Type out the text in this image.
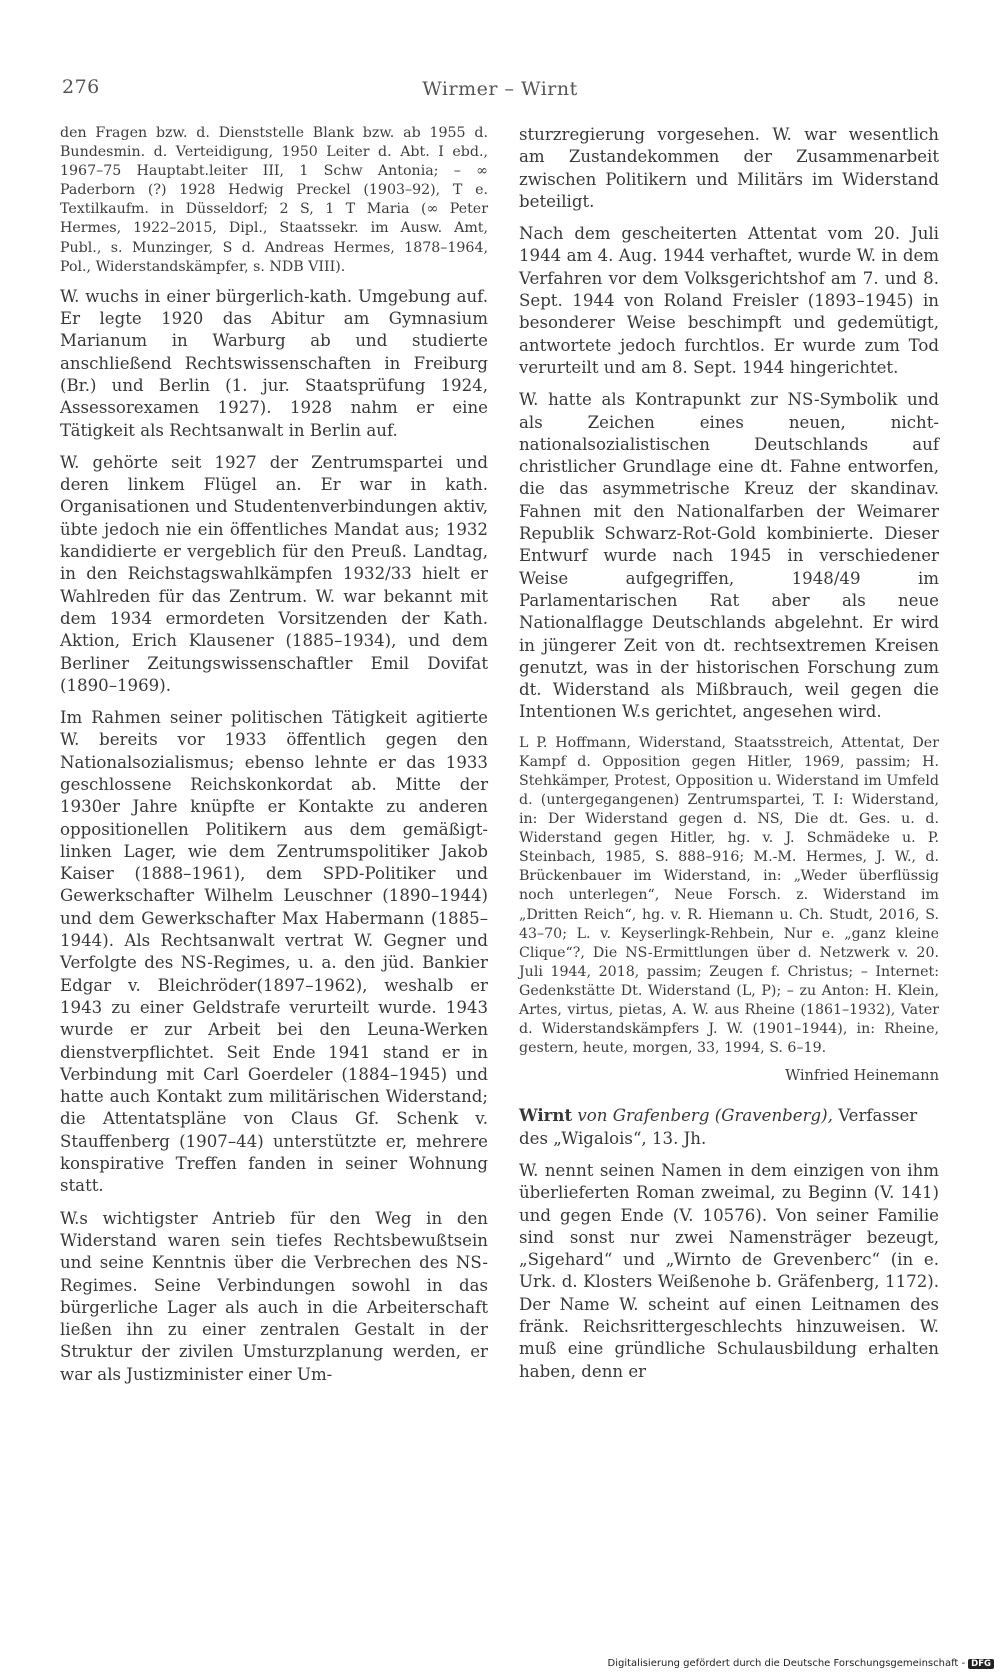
276	Wirmer – Wirnt

den Fragen bzw. d. Dienststelle Blank bzw. ab 1955 d. Bundesmin. d. Verteidigung, 1950 Leiter d. Abt. I ebd., 1967–75 Hauptabt.leiter III, 1 Schw Antonia; – ∞ Paderborn (?) 1928 Hedwig Preckel (1903–92), T e. Textilkaufm. in Düsseldorf; 2 S, 1 T Maria (∞ Peter Hermes, 1922–2015, Dipl., Staatssekr. im Ausw. Amt, Publ., s. Munzinger, S d. Andreas Hermes, 1878–1964, Pol., Widerstandskämpfer, s. NDB VIII).

W. wuchs in einer bürgerlich-kath. Umgebung auf. Er legte 1920 das Abitur am Gymnasium Marianum in Warburg ab und studierte anschließend Rechtswissenschaften in Freiburg (Br.) und Berlin (1. jur. Staatsprüfung 1924, Assessorexamen 1927). 1928 nahm er eine Tätigkeit als Rechtsanwalt in Berlin auf.

W. gehörte seit 1927 der Zentrumspartei und deren linkem Flügel an. Er war in kath. Organisationen und Studentenverbindungen aktiv, übte jedoch nie ein öffentliches Mandat aus; 1932 kandidierte er vergeblich für den Preuß. Landtag, in den Reichstagswahlkämpfen 1932/33 hielt er Wahlreden für das Zentrum. W. war bekannt mit dem 1934 ermordeten Vorsitzenden der Kath. Aktion, Erich Klausener (1885–1934), und dem Berliner Zeitungswissenschaftler Emil Dovifat (1890–1969).

Im Rahmen seiner politischen Tätigkeit agitierte W. bereits vor 1933 öffentlich gegen den Nationalsozialismus; ebenso lehnte er das 1933 geschlossene Reichskonkordat ab. Mitte der 1930er Jahre knüpfte er Kontakte zu anderen oppositionellen Politikern aus dem gemäßigt-linken Lager, wie dem Zentrumspolitiker Jakob Kaiser (1888–1961), dem SPD-Politiker und Gewerkschafter Wilhelm Leuschner (1890–1944) und dem Gewerkschafter Max Habermann (1885–1944). Als Rechtsanwalt vertrat W. Gegner und Verfolgte des NS-Regimes, u. a. den jüd. Bankier Edgar v. Bleichröder(1897–1962), weshalb er 1943 zu einer Geldstrafe verurteilt wurde. 1943 wurde er zur Arbeit bei den Leuna-Werken dienstverpflichtet. Seit Ende 1941 stand er in Verbindung mit Carl Goerdeler (1884–1945) und hatte auch Kontakt zum militärischen Widerstand; die Attentatspläne von Claus Gf. Schenk v. Stauffenberg (1907–44) unterstützte er, mehrere konspirative Treffen fanden in seiner Wohnung statt.

W.s wichtigster Antrieb für den Weg in den Widerstand waren sein tiefes Rechtsbewußtsein und seine Kenntnis über die Verbrechen des NS-Regimes. Seine Verbindungen sowohl in das bürgerliche Lager als auch in die Arbeiterschaft ließen ihn zu einer zentralen Gestalt in der Struktur der zivilen Umsturzplanung werden, er war als Justizminister einer Um-

sturzregierung vorgesehen. W. war wesentlich am Zustandekommen der Zusammenarbeit zwischen Politikern und Militärs im Widerstand beteiligt.

Nach dem gescheiterten Attentat vom 20. Juli 1944 am 4. Aug. 1944 verhaftet, wurde W. in dem Verfahren vor dem Volksgerichtshof am 7. und 8. Sept. 1944 von Roland Freisler (1893–1945) in besonderer Weise beschimpft und gedemütigt, antwortete jedoch furchtlos. Er wurde zum Tod verurteilt und am 8. Sept. 1944 hingerichtet.

W. hatte als Kontrapunkt zur NS-Symbolik und als Zeichen eines neuen, nicht-nationalsozialistischen Deutschlands auf christlicher Grundlage eine dt. Fahne entworfen, die das asymmetrische Kreuz der skandinav. Fahnen mit den Nationalfarben der Weimarer Republik Schwarz-Rot-Gold kombinierte. Dieser Entwurf wurde nach 1945 in verschiedener Weise aufgegriffen, 1948/49 im Parlamentarischen Rat aber als neue Nationalflagge Deutschlands abgelehnt. Er wird in jüngerer Zeit von dt. rechtsextremen Kreisen genutzt, was in der historischen Forschung zum dt. Widerstand als Mißbrauch, weil gegen die Intentionen W.s gerichtet, angesehen wird.

L P. Hoffmann, Widerstand, Staatsstreich, Attentat, Der Kampf d. Opposition gegen Hitler, 1969, passim; H. Stehkämper, Protest, Opposition u. Widerstand im Umfeld d. (untergegangenen) Zentrumspartei, T. I: Widerstand, in: Der Widerstand gegen d. NS, Die dt. Ges. u. d. Widerstand gegen Hitler, hg. v. J. Schmädeke u. P. Steinbach, 1985, S. 888–916; M.-M. Hermes, J. W., d. Brückenbauer im Widerstand, in: „Weder überflüssig noch unterlegen“, Neue Forsch. z. Widerstand im „Dritten Reich“, hg. v. R. Hiemann u. Ch. Studt, 2016, S. 43–70; L. v. Keyserlingk-Rehbein, Nur e. „ganz kleine Clique“?, Die NS-Ermittlungen über d. Netzwerk v. 20. Juli 1944, 2018, passim; Zeugen f. Christus; – Internet: Gedenkstätte Dt. Widerstand (L, P); – zu Anton: H. Klein, Artes, virtus, pietas, A. W. aus Rheine (1861–1932), Vater d. Widerstandskämpfers J. W. (1901–1944), in: Rheine, gestern, heute, morgen, 33, 1994, S. 6–19.

Winfried Heinemann

Wirnt von Grafenberg (Gravenberg), Verfasser des „Wigalois“, 13. Jh.

W. nennt seinen Namen in dem einzigen von ihm überlieferten Roman zweimal, zu Beginn (V. 141) und gegen Ende (V. 10576). Von seiner Familie sind sonst nur zwei Namensträger bezeugt, „Sigehard“ und „Wirnto de Grevenberc“ (in e. Urk. d. Klosters Weißenohe b. Gräfenberg, 1172). Der Name W. scheint auf einen Leitnamen des fränk. Reichsrittergeschlechts hinzuweisen. W. muß eine gründliche Schulausbildung erhalten haben, denn er

Digitalisierung gefördert durch die Deutsche Forschungsgemeinschaft - DFG
